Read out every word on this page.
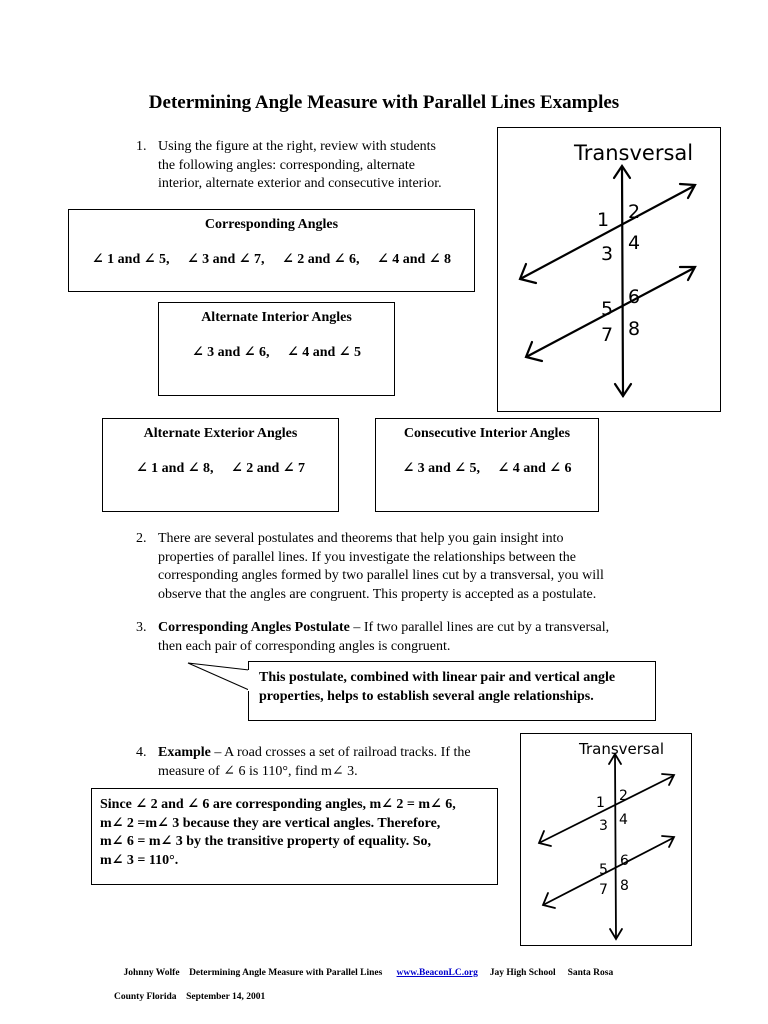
Determining Angle Measure with Parallel Lines Examples
1. Using the figure at the right, review with students
the following angles: corresponding, alternate
interior, alternate exterior and consecutive interior.
Transversal
1 2
3 4
5
6
7 8
Corresponding Angles
∠ 1 and ∠ 5,     ∠ 3 and ∠ 7,     ∠ 2 and ∠ 6,     ∠ 4 and ∠ 8
Alternate Interior Angles
∠ 3 and ∠ 6,     ∠ 4 and ∠ 5
Alternate Exterior Angles
∠ 1 and ∠ 8,     ∠ 2 and ∠ 7
Consecutive Interior Angles
∠ 3 and ∠ 5,     ∠ 4 and ∠ 6
2. There are several postulates and theorems that help you gain insight into
properties of parallel lines. If you investigate the relationships between the
corresponding angles formed by two parallel lines cut by a transversal, you will
observe that the angles are congruent. This property is accepted as a postulate.
3. Corresponding Angles Postulate – If two parallel lines are cut by a transversal,
then each pair of corresponding angles is congruent.
This postulate, combined with linear pair and vertical angle
properties, helps to establish several angle relationships.
4. Example – A road crosses a set of railroad tracks. If the
measure of ∠ 6 is 110°, find m∠ 3.
Since ∠ 2 and ∠ 6 are corresponding angles, m∠ 2 = m∠ 6,
m∠ 2 =m∠ 3 because they are vertical angles. Therefore,
m∠ 6 = m∠ 3 by the transitive property of equality. So,
m∠ 3 = 110°.
Transversal
1 2
3 4
5
6
7 8

Johnny Wolfe Determining Angle Measure with Parallel Lines www.BeaconLC.org Jay High School Santa Rosa

County Florida September 14, 2001
